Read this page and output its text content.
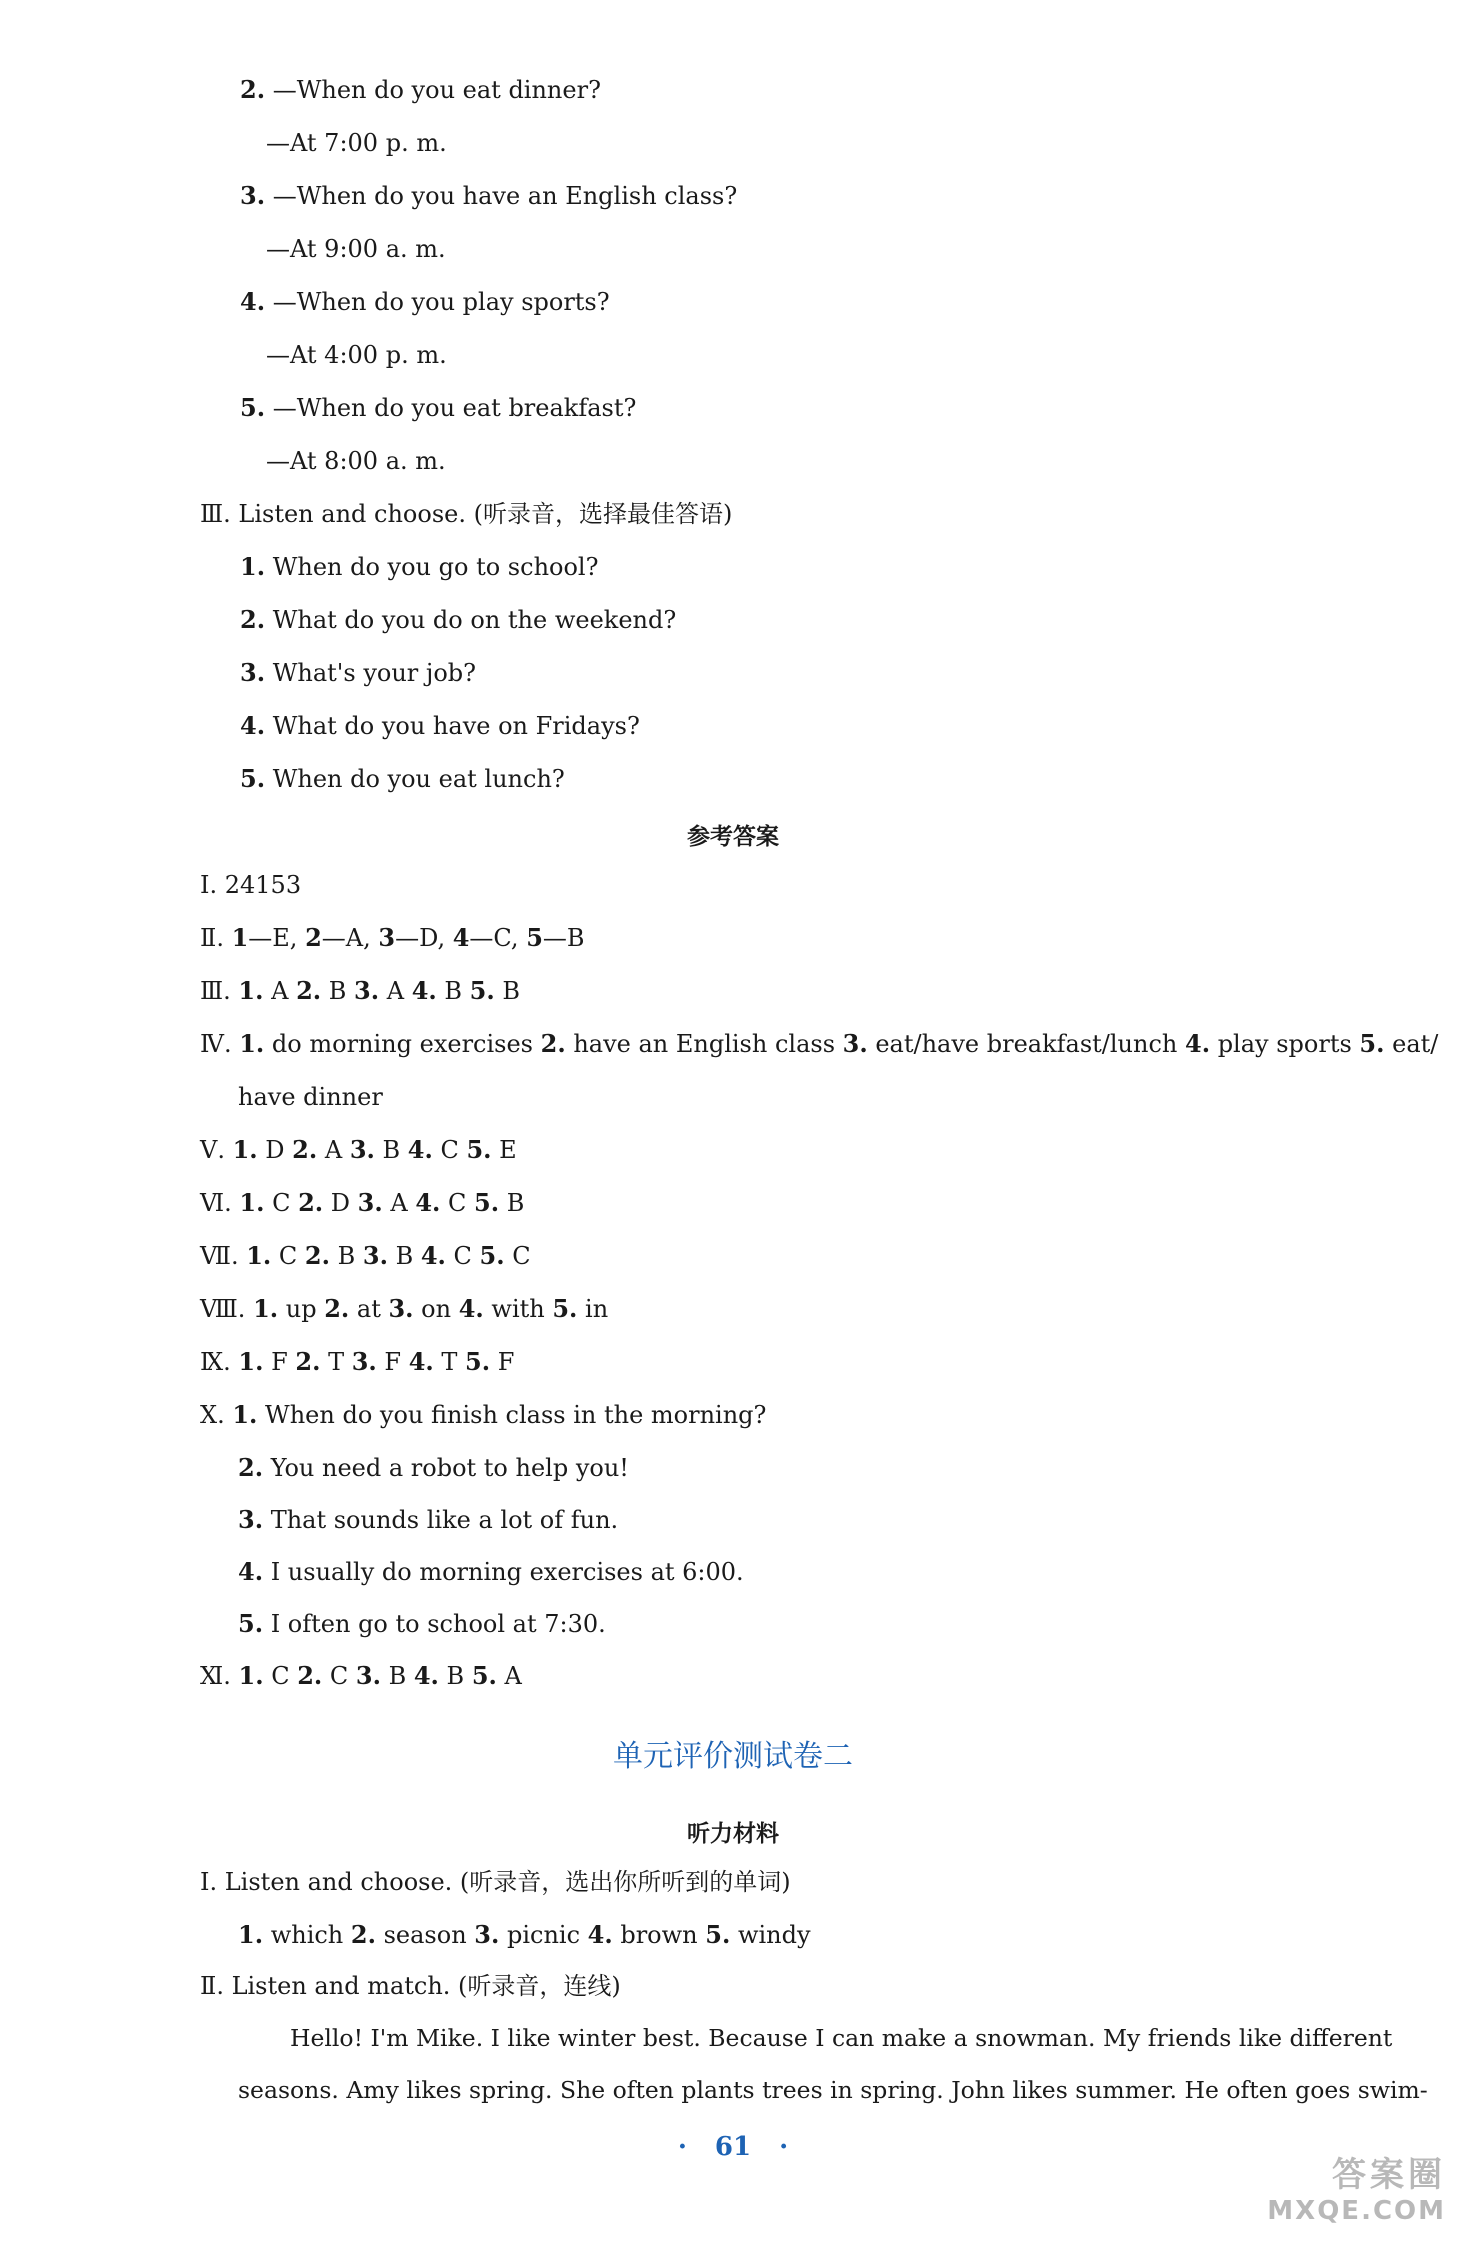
2. —When do you eat dinner?
—At 7:00 p. m.
3. —When do you have an English class?
—At 9:00 a. m.
4. —When do you play sports?
—At 4:00 p. m.
5. —When do you eat breakfast?
—At 8:00 a. m.
Ⅲ. Listen and choose. (听录音，选择最佳答语)
1. When do you go to school?
2. What do you do on the weekend?
3. What's your job?
4. What do you have on Fridays?
5. When do you eat lunch?
参考答案
Ⅰ. 24153
Ⅱ. 1—E, 2—A, 3—D, 4—C, 5—B
Ⅲ. 1. A 2. B 3. A 4. B 5. B
Ⅳ. 1. do morning exercises 2. have an English class 3. eat/have breakfast/lunch 4. play sports 5. eat/
have dinner
Ⅴ. 1. D 2. A 3. B 4. C 5. E
Ⅵ. 1. C 2. D 3. A 4. C 5. B
Ⅶ. 1. C 2. B 3. B 4. C 5. C
Ⅷ. 1. up 2. at 3. on 4. with 5. in
Ⅸ. 1. F 2. T 3. F 4. T 5. F
Ⅹ. 1. When do you finish class in the morning?
2. You need a robot to help you!
3. That sounds like a lot of fun.
4. I usually do morning exercises at 6:00.
5. I often go to school at 7:30.
Ⅺ. 1. C 2. C 3. B 4. B 5. A
单元评价测试卷二
听力材料
Ⅰ. Listen and choose. (听录音，选出你所听到的单词)
1. which 2. season 3. picnic 4. brown 5. windy
Ⅱ. Listen and match. (听录音，连线)
Hello! I'm Mike. I like winter best. Because I can make a snowman. My friends like different
seasons. Amy likes spring. She often plants trees in spring. John likes summer. He often goes swim-
· 61 ·
答案圈
MXQE.COM
